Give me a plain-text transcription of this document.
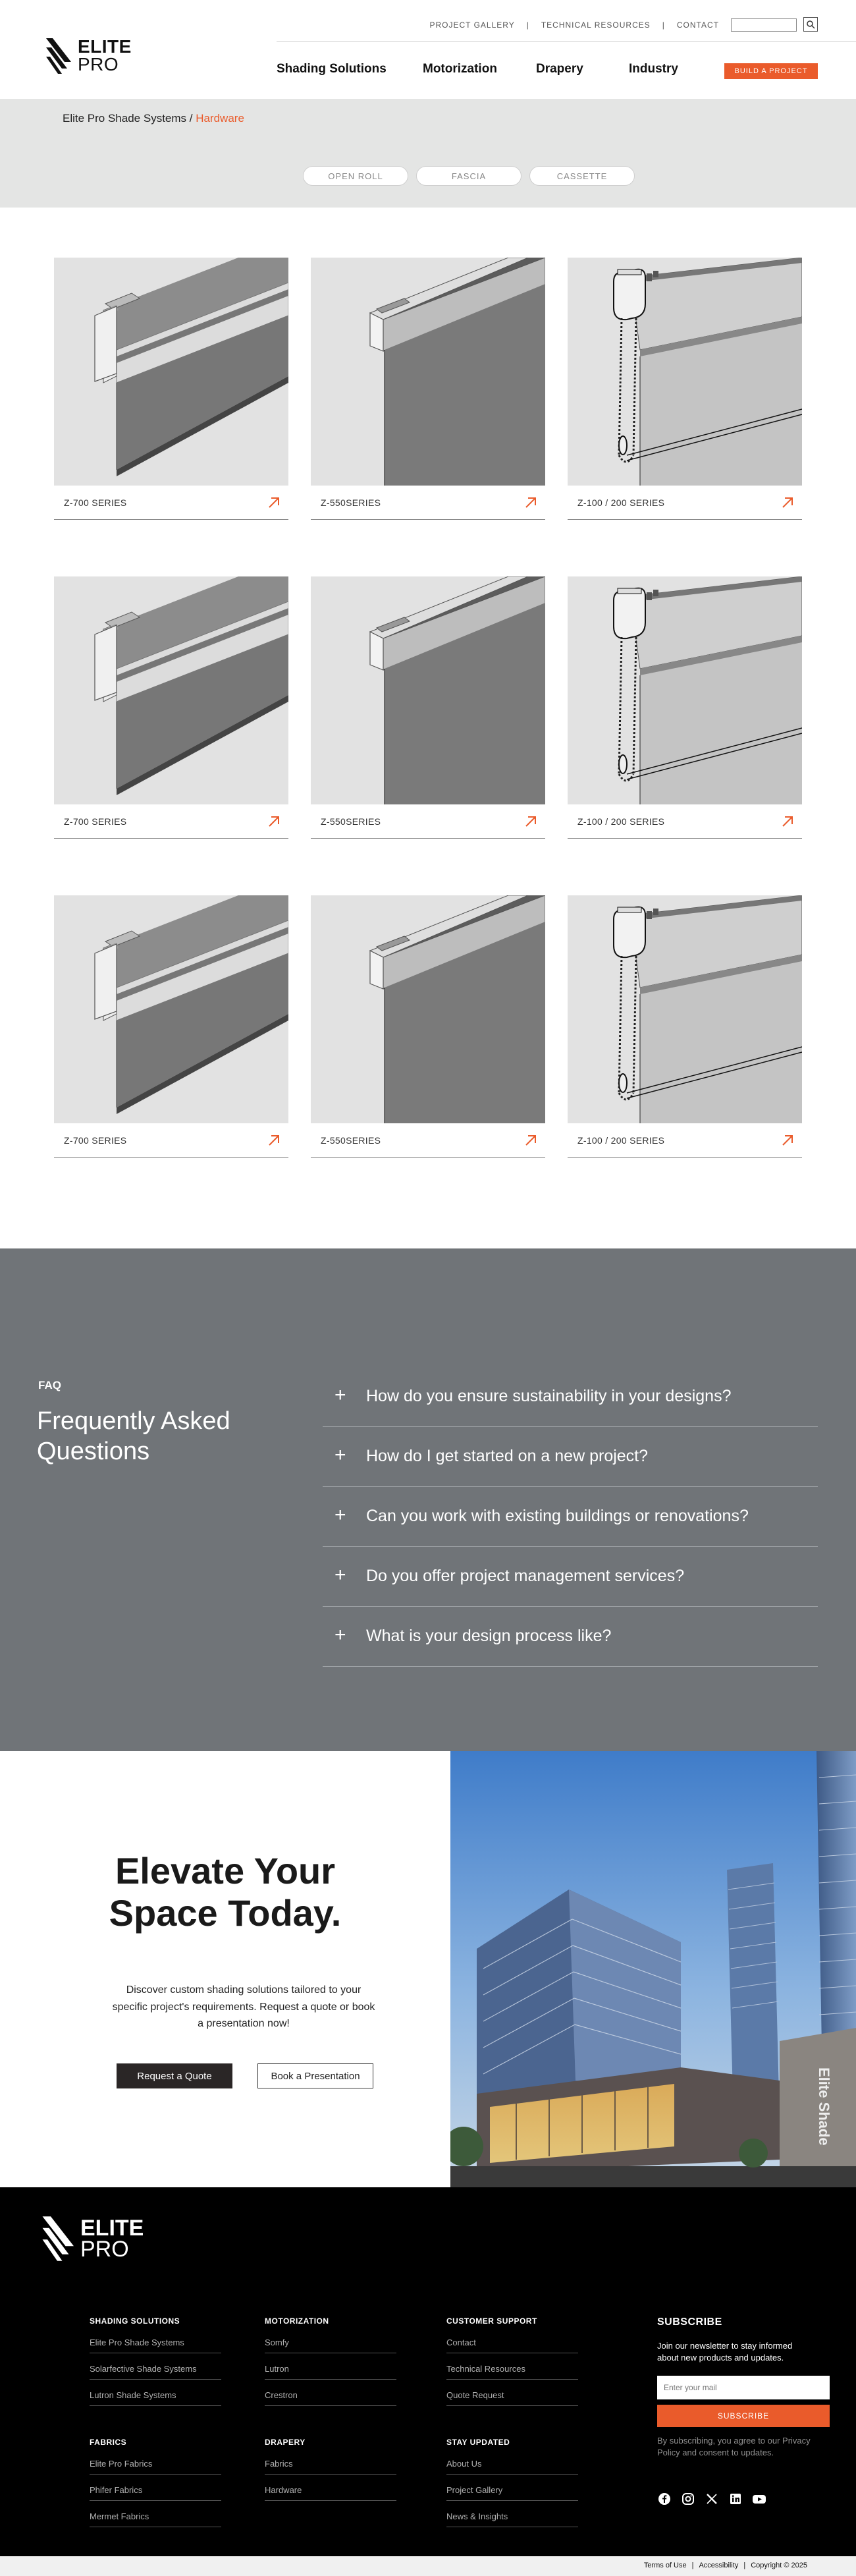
ELITE
PRO
PROJECT GALLERY | TECHNICAL RESOURCES | CONTACT
Shading Solutions	Motorization	Drapery	Industry	BUILD A PROJECT
Elite Pro Shade Systems / Hardware
OPEN ROLL	FASCIA	CASSETTE
Z-700 SERIES	Z-550SERIES	Z-100 / 200 SERIES
Z-700 SERIES	Z-550SERIES	Z-100 / 200 SERIES
Z-700 SERIES	Z-550SERIES	Z-100 / 200 SERIES
FAQ
Frequently Asked Questions
+ How do you ensure sustainability in your designs?
+ How do I get started on a new project?
+ Can you work with existing buildings or renovations?
+ Do you offer project management services?
+ What is your design process like?
Elevate Your
Space Today.

Discover custom shading solutions tailored to your specific project's requirements. Request a quote or book a presentation now!

Request a Quote	Book a Presentation	Elite Shade
ELITE
PRO
SHADING SOLUTIONS
Elite Pro Shade Systems
Solarfective Shade Systems
Lutron Shade Systems
MOTORIZATION
Somfy
Lutron
Crestron
CUSTOMER SUPPORT
Contact
Technical Resources
Quote Request
FABRICS
Elite Pro Fabrics
Phifer Fabrics
Mermet Fabrics
DRAPERY
Fabrics
Hardware
STAY UPDATED
About Us
Project Gallery
News & Insights
SUBSCRIBE
Join our newsletter to stay informed about new products and updates.
Enter your mail
SUBSCRIBE
By subscribing, you agree to our Privacy Policy and consent to updates.
Terms of Use | Accessibility | Copyright © 2025
